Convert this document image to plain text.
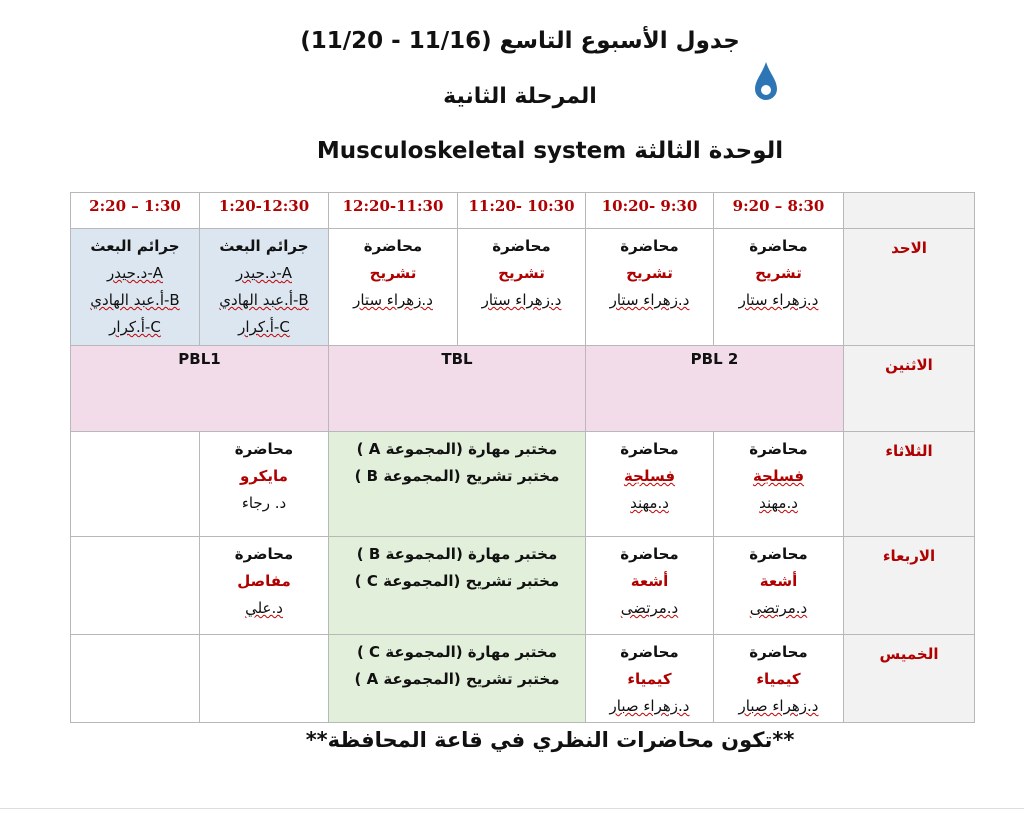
جدول الأسبوع التاسع (11/16 - 11/20)
المرحلة الثانية
الوحدة الثالثة Musculoskeletal system
2:20 – 1:30	1:20-12:30	12:20-11:30	11:20- 10:30	10:20- 9:30	9:20 – 8:30	

جرائم البعث
A-د.حيدر
B-أ.عبد الهادي
C-أ.كرار	جرائم البعث
A-د.حيدر
B-أ.عبد الهادي
C-أ.كرار	محاضرة
تشريح
د.زهراء ستار	محاضرة
تشريح
د.زهراء ستار	محاضرة
تشريح
د.زهراء ستار	محاضرة
تشريح
د.زهراء ستار	الاحد
PBL1		TBL		PBL 2		الاثنين

	محاضرة
مايكرو
د. رجاء	مختبر مهارة (المجموعة A )
مختبر تشريح (المجموعة B )		محاضرة
فسلجة
د.مهند	محاضرة
فسلجة
د.مهند	الثلاثاء

	محاضرة
مفاصل
د.علي	مختبر مهارة (المجموعة B )
مختبر تشريح (المجموعة C )		محاضرة
أشعة
د.مرتضى	محاضرة
أشعة
د.مرتضى	الاربعاء

		مختبر مهارة (المجموعة C )
مختبر تشريح (المجموعة A )		محاضرة
كيمياء
د.زهراء صبار	محاضرة
كيمياء
د.زهراء صبار	الخميس
**تكون محاضرات النظري في قاعة المحافظة**
